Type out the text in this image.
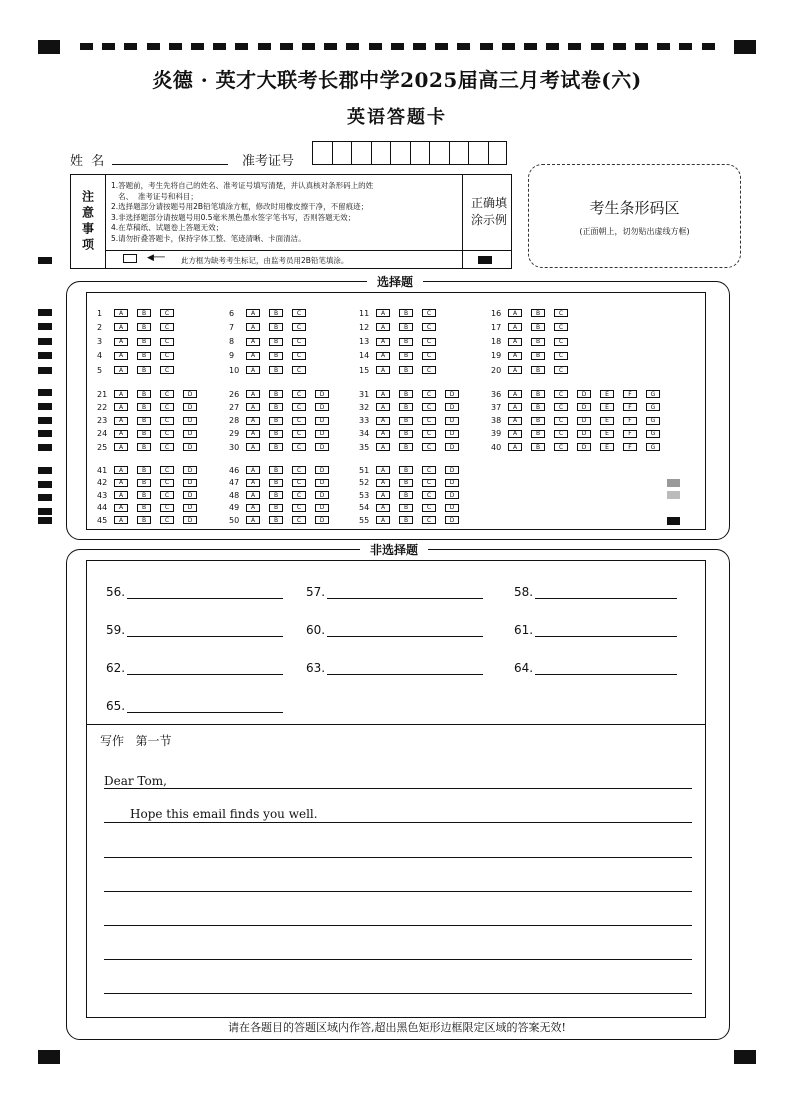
炎德 · 英才大联考长郡中学2025届高三月考试卷(六)
英语答题卡
姓  名	准考证号
注意事项
1.答题前，考生先将自己的姓名、准考证号填写清楚，并认真核对条形码上的姓
名、  准考证号和科目；
2.选择题部分请按题号用2B铅笔填涂方框，修改时用橡皮擦干净，不留痕迹；
3.非选择题部分请按题号用0.5毫米黑色墨水签字笔书写，否则答题无效；
4.在草稿纸、试题卷上答题无效；
5.请勿折叠答题卡，保持字体工整、笔迹清晰、卡面清洁。
正确填涂示例
◀── 此方框为缺考考生标记，由监考员用2B铅笔填涂。
考生条形码区
(正面朝上，切勿贴出虚线方框)
选择题
1	A	B	C
2	A	B	C
3	A	B	C
4	A	B	C
5	A	B	C
6	A	B	C
7	A	B	C
8	A	B	C
9	A	B	C
10	A	B	C
11	A	B	C
12	A	B	C
13	A	B	C
14	A	B	C
15	A	B	C
16	A	B	C
17	A	B	C
18	A	B	C
19	A	B	C
20	A	B	C
21	A	B	C	D
22	A	B	C	D
23	A	B	C	D
24	A	B	C	D
25	A	B	C	D
26	A	B	C	D
27	A	B	C	D
28	A	B	C	D
29	A	B	C	D
30	A	B	C	D
31	A	B	C	D
32	A	B	C	D
33	A	B	C	D
34	A	B	C	D
35	A	B	C	D
36	A	B	C	D	E	F	G
37	A	B	C	D	E	F	G
38	A	B	C	D	E	F	G
39	A	B	C	D	E	F	G
40	A	B	C	D	E	F	G
41	A	B	C	D
42	A	B	C	D
43	A	B	C	D
44	A	B	C	D
45	A	B	C	D
46	A	B	C	D
47	A	B	C	D
48	A	B	C	D
49	A	B	C	D
50	A	B	C	D
51	A	B	C	D
52	A	B	C	D
53	A	B	C	D
54	A	B	C	D
55	A	B	C	D
非选择题
56.	57.	58.
59.	60.	61.
62.	63.	64.
65.
写作   第一节
Dear Tom,
Hope this email finds you well.
请在各题目的答题区域内作答,超出黑色矩形边框限定区域的答案无效!
